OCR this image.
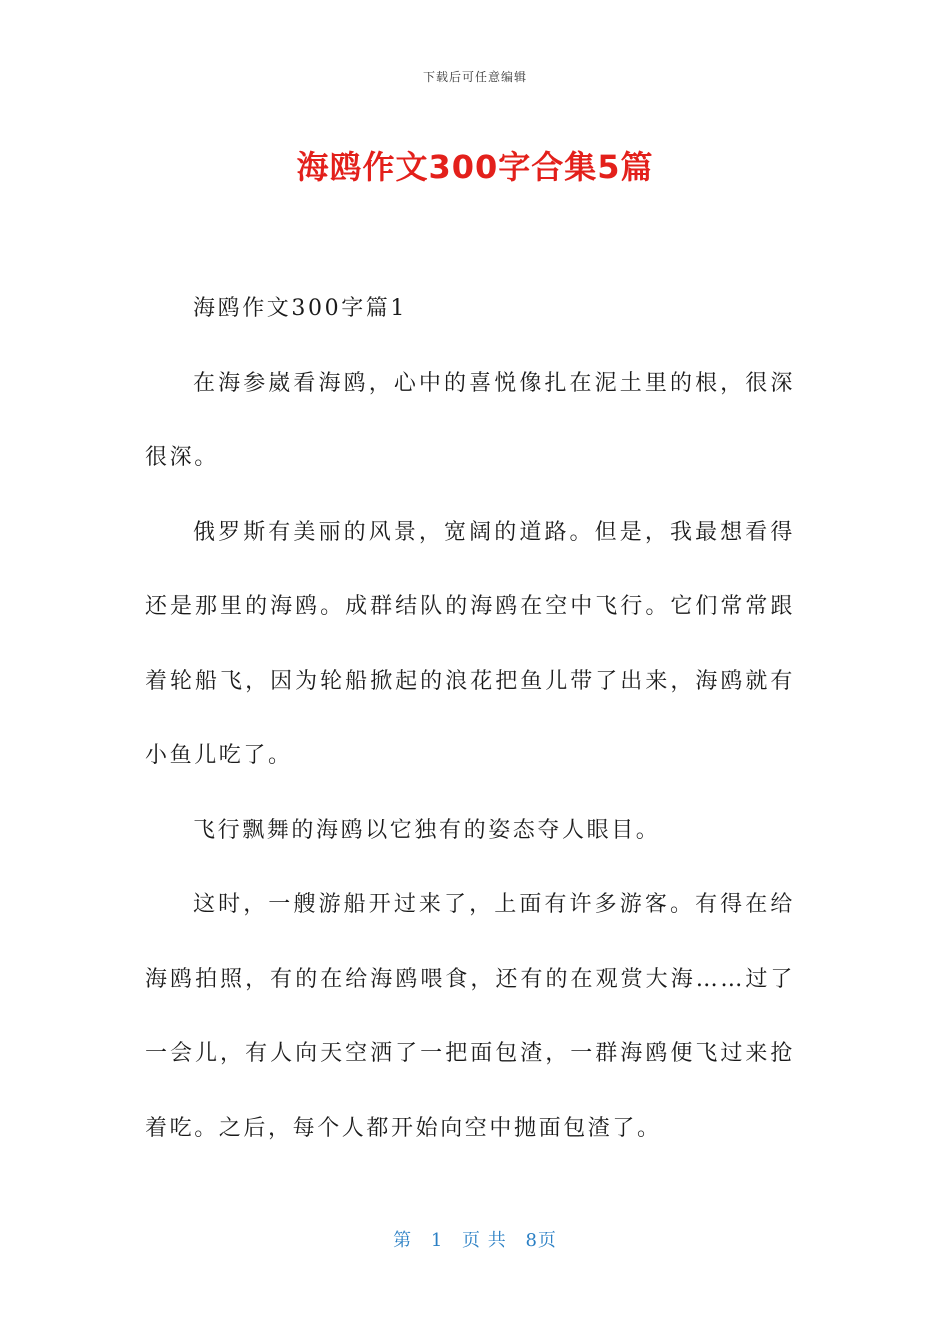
下载后可任意编辑
海鸥作文300字合集5篇

海鸥作文300字篇1

在海参崴看海鸥，心中的喜悦像扎在泥土里的根，很深很深。

俄罗斯有美丽的风景，宽阔的道路。但是，我最想看得还是那里的海鸥。成群结队的海鸥在空中飞行。它们常常跟着轮船飞，因为轮船掀起的浪花把鱼儿带了出来，海鸥就有小鱼儿吃了。

飞行飘舞的海鸥以它独有的姿态夺人眼目。

这时，一艘游船开过来了，上面有许多游客。有得在给海鸥拍照，有的在给海鸥喂食，还有的在观赏大海……过了一会儿，有人向天空洒了一把面包渣，一群海鸥便飞过来抢着吃。之后，每个人都开始向空中抛面包渣了。

第 1 页 共 8页
